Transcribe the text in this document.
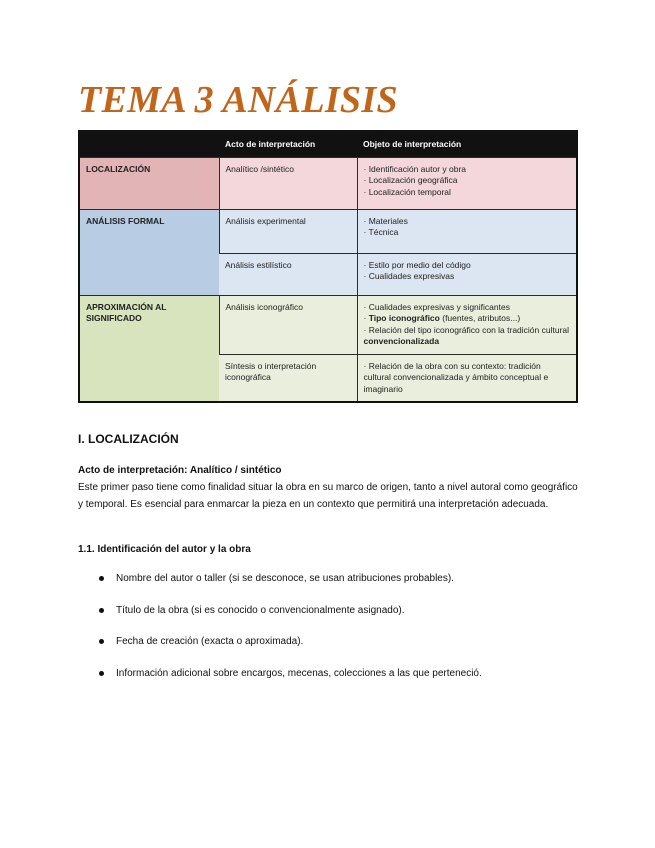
TEMA 3 ANÁLISIS
	Acto de interpretación	Objeto de interpretación
LOCALIZACIÓN	Analítico /sintético	· Identificación autor y obra
· Localización geográfica
· Localización temporal

ANÁLISIS FORMAL	Análisis experimental	· Materiales
· Técnica

	Análisis estilístico	· Estilo por medio del código
· Cualidades expresivas

APROXIMACIÓN AL SIGNIFICADO	Análisis iconográfico	· Cualidades expresivas y significantes
· Tipo iconográfico (fuentes, atributos...)
· Relación del tipo iconográfico con la tradición cultural convencionalizada

	Síntesis o interpretación iconográfica	· Relación de la obra con su contexto: tradición cultural convencionalizada y ámbito conceptual e imaginario
I. LOCALIZACIÓN
Acto de interpretación: Analítico / sintético

Este primer paso tiene como finalidad situar la obra en su marco de origen, tanto a nivel autoral como geográfico y temporal. Es esencial para enmarcar la pieza en un contexto que permitirá una interpretación adecuada.

1.1. Identificación del autor y la obra
Nombre del autor o taller (si se desconoce, se usan atribuciones probables).
Título de la obra (si es conocido o convencionalmente asignado).
Fecha de creación (exacta o aproximada).
Información adicional sobre encargos, mecenas, colecciones a las que perteneció.
